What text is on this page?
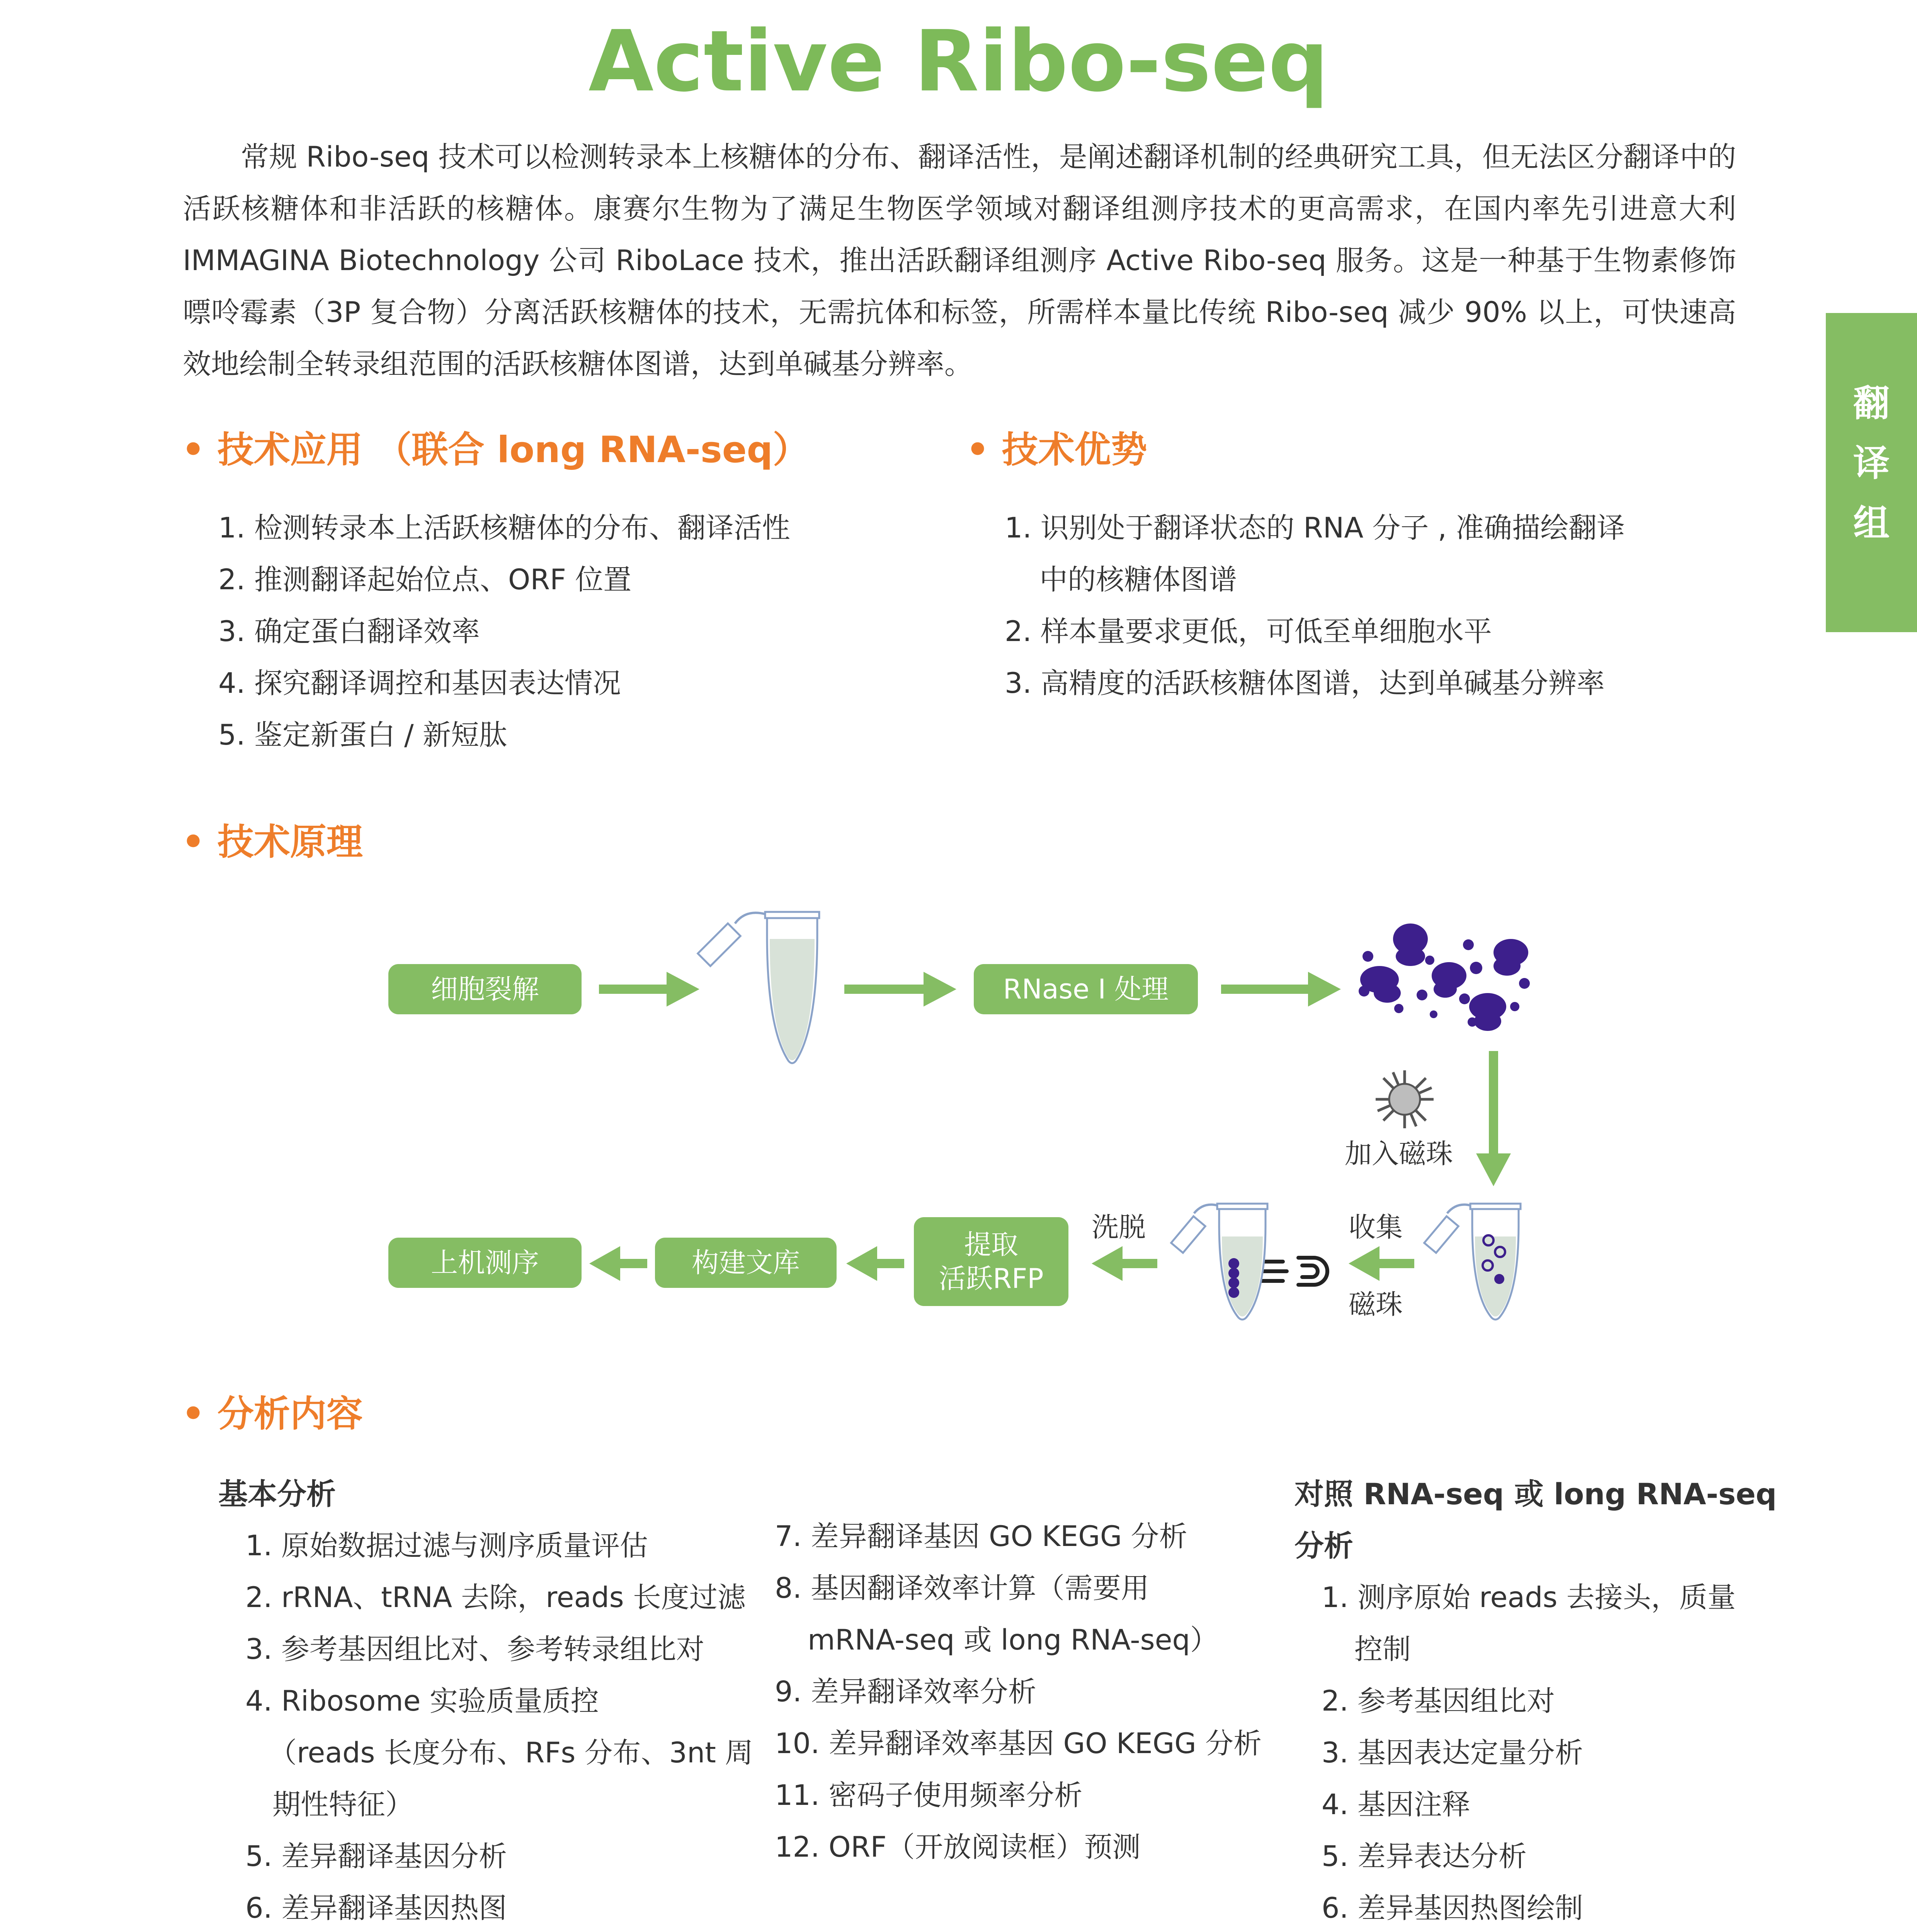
Active Ribo-seq
常规 Ribo-seq 技术可以检测转录本上核糖体的分布、翻译活性，是阐述翻译机制的经典研究工具，但无法区分翻译中的活跃核糖体和非活跃的核糖体。康赛尔生物为了满足生物医学领域对翻译组测序技术的更高需求，在国内率先引进意大利 IMMAGINA Biotechnology 公司 RiboLace 技术，推出活跃翻译组测序 Active Ribo-seq 服务。这是一种基于生物素修饰嘌呤霉素（3P 复合物）分离活跃核糖体的技术，无需抗体和标签，所需样本量比传统 Ribo-seq 减少 90% 以上，可快速高效地绘制全转录组范围的活跃核糖体图谱，达到单碱基分辨率。
翻
译
组
• 技术应用 （联合 long RNA-seq）
1. 检测转录本上活跃核糖体的分布、翻译活性
2. 推测翻译起始位点、ORF 位置
3. 确定蛋白翻译效率
4. 探究翻译调控和基因表达情况
5. 鉴定新蛋白 / 新短肽
• 技术优势
1. 识别处于翻译状态的 RNA 分子 , 准确描绘翻译
中的核糖体图谱
2. 样本量要求更低，可低至单细胞水平
3. 高精度的活跃核糖体图谱，达到单碱基分辨率
• 技术原理
细胞裂解	RNase I 处理
提取
活跃RFP
构建文库
上机测序
加入磁珠
收集
磁珠
洗脱
• 分析内容
基本分析
1. 原始数据过滤与测序质量评估
2. rRNA、tRNA 去除，reads 长度过滤
3. 参考基因组比对、参考转录组比对
4. Ribosome 实验质量质控
（reads 长度分布、RFs 分布、3nt 周
期性特征）
5. 差异翻译基因分析
6. 差异翻译基因热图
7. 差异翻译基因 GO KEGG 分析
8. 基因翻译效率计算（需要用
mRNA-seq 或 long RNA-seq）
9. 差异翻译效率分析
10. 差异翻译效率基因 GO KEGG 分析
11. 密码子使用频率分析
12. ORF（开放阅读框）预测
对照 RNA-seq 或 long RNA-seq
分析
1. 测序原始 reads 去接头，质量
控制
2. 参考基因组比对
3. 基因表达定量分析
4. 基因注释
5. 差异表达分析
6. 差异基因热图绘制
